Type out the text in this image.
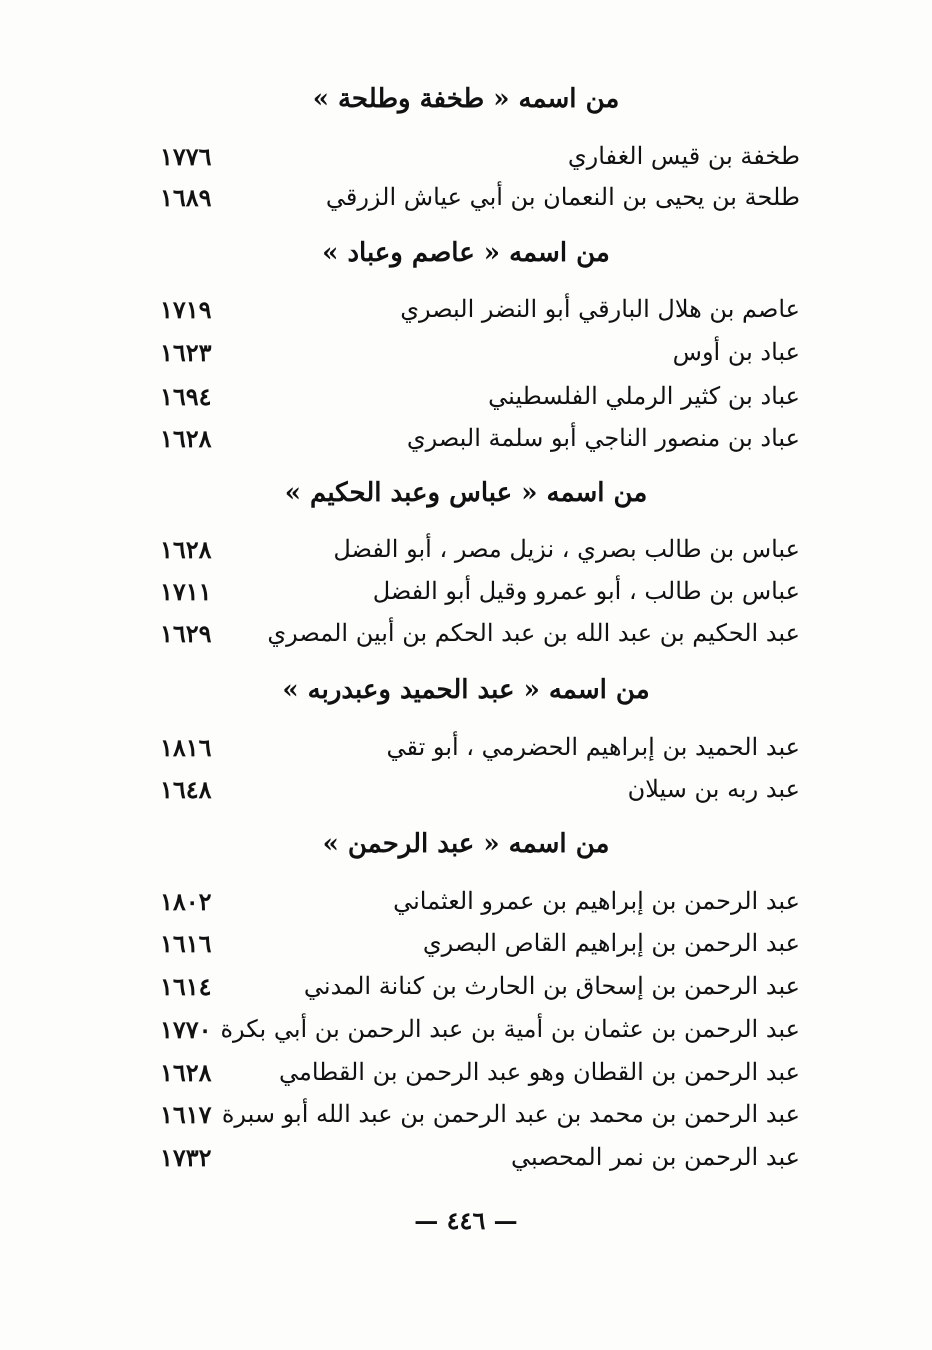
من اسمه « طخفة وطلحة »
طخفة بن قيس الغفاري
١٧٧٦
طلحة بن يحيى بن النعمان بن أبي عياش الزرقي
١٦٨٩
من اسمه « عاصم وعباد »
عاصم بن هلال البارقي أبو النضر البصري
١٧١٩
عباد بن أوس
١٦٢٣
عباد بن كثير الرملي الفلسطيني
١٦٩٤
عباد بن منصور الناجي أبو سلمة البصري
١٦٢٨
من اسمه « عباس وعبد الحكيم »
عباس بن طالب بصري ، نزيل مصر ، أبو الفضل
١٦٢٨
عباس بن طالب ، أبو عمرو وقيل أبو الفضل
١٧١١
عبد الحكيم بن عبد الله بن عبد الحكم بن أبين المصري
١٦٢٩
من اسمه « عبد الحميد وعبدربه »
عبد الحميد بن إبراهيم الحضرمي ، أبو تقي
١٨١٦
عبد ربه بن سيلان
١٦٤٨
من اسمه « عبد الرحمن »
عبد الرحمن بن إبراهيم بن عمرو العثماني
١٨٠٢
عبد الرحمن بن إبراهيم القاص البصري
١٦١٦
عبد الرحمن بن إسحاق بن الحارث بن كنانة المدني
١٦١٤
عبد الرحمن بن عثمان بن أمية بن عبد الرحمن بن أبي بكرة
١٧٧٠
عبد الرحمن بن القطان وهو عبد الرحمن بن القطامي
١٦٢٨
عبد الرحمن بن محمد بن عبد الرحمن بن عبد الله أبو سبرة
١٦١٧
عبد الرحمن بن نمر المحصبي
١٧٣٢
— ٤٤٦ —
